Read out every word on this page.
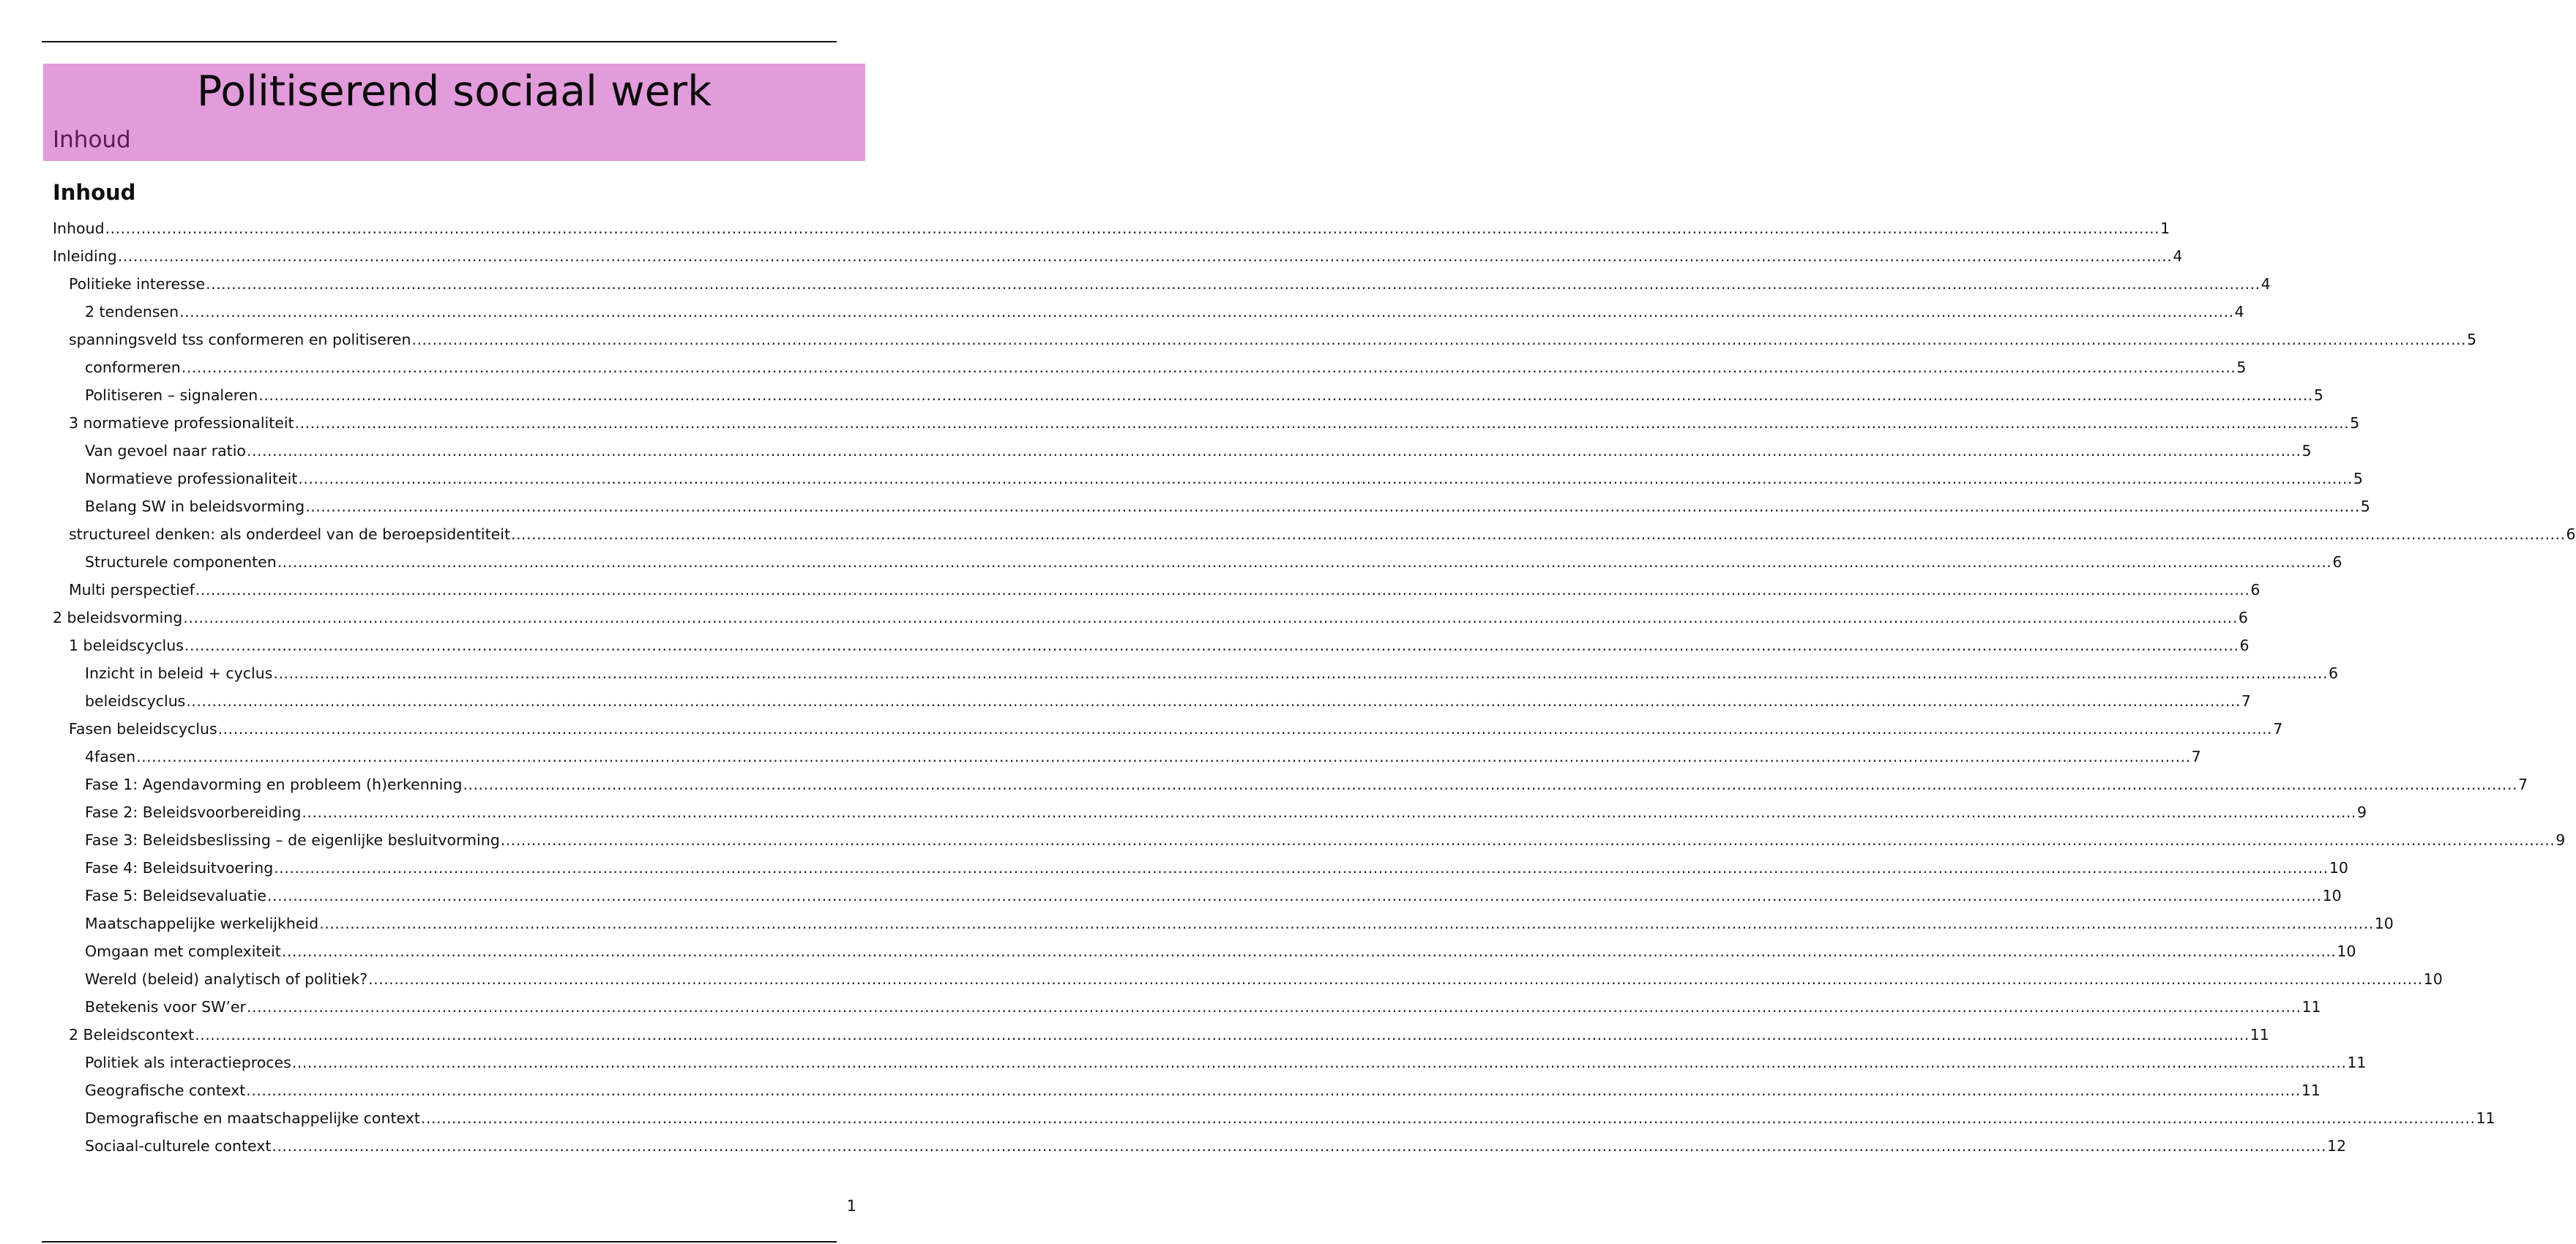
Politiserend sociaal werk
Inhoud
Inhoud
Inhoud ................................................................................................................................................................................................................................................................................................................................................................................................................ 1
Inleiding ................................................................................................................................................................................................................................................................................................................................................................................................................ 4
Politieke interesse ................................................................................................................................................................................................................................................................................................................................................................................................................ 4
2 tendensen ................................................................................................................................................................................................................................................................................................................................................................................................................ 4
spanningsveld tss conformeren en politiseren ................................................................................................................................................................................................................................................................................................................................................................................................................ 5
conformeren ................................................................................................................................................................................................................................................................................................................................................................................................................ 5
Politiseren – signaleren ................................................................................................................................................................................................................................................................................................................................................................................................................ 5
3 normatieve professionaliteit ................................................................................................................................................................................................................................................................................................................................................................................................................ 5
Van gevoel naar ratio ................................................................................................................................................................................................................................................................................................................................................................................................................ 5
Normatieve professionaliteit ................................................................................................................................................................................................................................................................................................................................................................................................................ 5
Belang SW in beleidsvorming ................................................................................................................................................................................................................................................................................................................................................................................................................ 5
structureel denken: als onderdeel van de beroepsidentiteit ................................................................................................................................................................................................................................................................................................................................................................................................................ 6
Structurele componenten ................................................................................................................................................................................................................................................................................................................................................................................................................ 6
Multi perspectief ................................................................................................................................................................................................................................................................................................................................................................................................................ 6
2 beleidsvorming ................................................................................................................................................................................................................................................................................................................................................................................................................ 6
1 beleidscyclus ................................................................................................................................................................................................................................................................................................................................................................................................................ 6
Inzicht in beleid + cyclus ................................................................................................................................................................................................................................................................................................................................................................................................................ 6
beleidscyclus ................................................................................................................................................................................................................................................................................................................................................................................................................ 7
Fasen beleidscyclus ................................................................................................................................................................................................................................................................................................................................................................................................................ 7
4fasen ................................................................................................................................................................................................................................................................................................................................................................................................................ 7
Fase 1: Agendavorming en probleem (h)erkenning ................................................................................................................................................................................................................................................................................................................................................................................................................ 7
Fase 2: Beleidsvoorbereiding ................................................................................................................................................................................................................................................................................................................................................................................................................ 9
Fase 3: Beleidsbeslissing – de eigenlijke besluitvorming ................................................................................................................................................................................................................................................................................................................................................................................................................ 9
Fase 4: Beleidsuitvoering ................................................................................................................................................................................................................................................................................................................................................................................................................ 10
Fase 5: Beleidsevaluatie ................................................................................................................................................................................................................................................................................................................................................................................................................ 10
Maatschappelijke werkelijkheid ................................................................................................................................................................................................................................................................................................................................................................................................................ 10
Omgaan met complexiteit ................................................................................................................................................................................................................................................................................................................................................................................................................ 10
Wereld (beleid) analytisch of politiek? ................................................................................................................................................................................................................................................................................................................................................................................................................ 10
Betekenis voor SW’er ................................................................................................................................................................................................................................................................................................................................................................................................................ 11
2 Beleidscontext ................................................................................................................................................................................................................................................................................................................................................................................................................ 11
Politiek als interactieproces ................................................................................................................................................................................................................................................................................................................................................................................................................ 11
Geografische context ................................................................................................................................................................................................................................................................................................................................................................................................................ 11
Demografische en maatschappelijke context ................................................................................................................................................................................................................................................................................................................................................................................................................ 11
Sociaal-culturele context ................................................................................................................................................................................................................................................................................................................................................................................................................ 12
1
